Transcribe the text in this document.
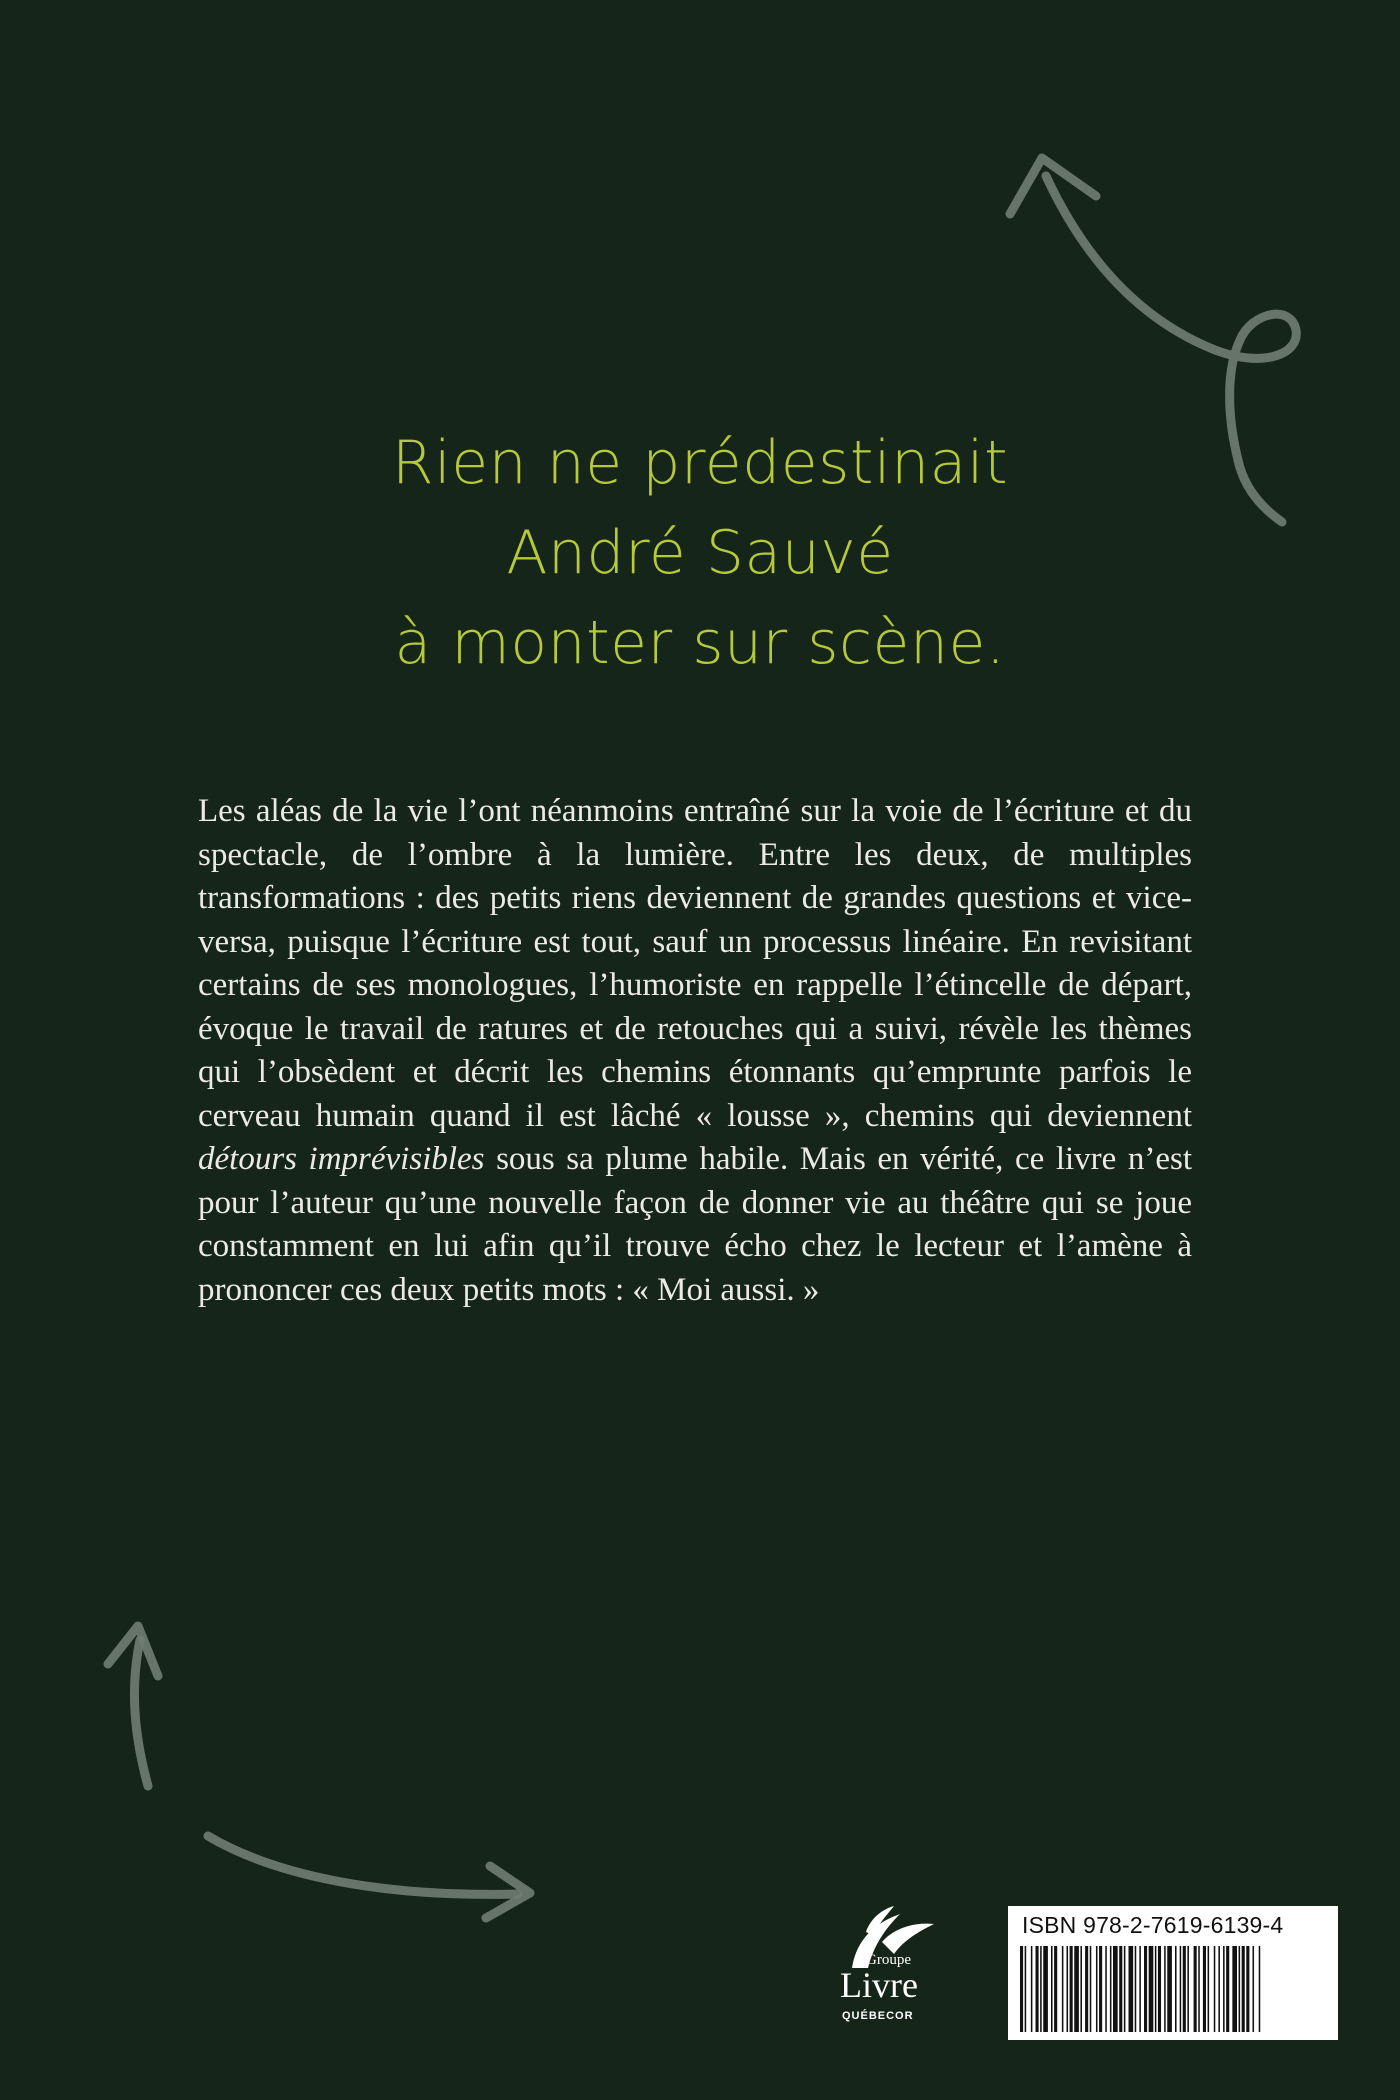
Rien ne prédestinait
André Sauvé
à monter sur scène.

Les aléas de la vie l’ont néanmoins entraîné sur la voie de l’écriture et du spectacle, de l’ombre à la lumière. Entre les deux, de multiples transformations : des petits riens deviennent de grandes questions et vice-versa, puisque l’écriture est tout, sauf un processus linéaire. En revisitant certains de ses monologues, l’humoriste en rappelle l’étincelle de départ, évoque le travail de ratures et de retouches qui a suivi, révèle les thèmes qui l’obsèdent et décrit les chemins étonnants qu’emprunte parfois le cerveau humain quand il est lâché « lousse », chemins qui deviennent détours imprévisibles sous sa plume habile. Mais en vérité, ce livre n’est pour l’auteur qu’une nouvelle façon de donner vie au théâtre qui se joue constamment en lui afin qu’il trouve écho chez le lecteur et l’amène à prononcer ces deux petits mots : « Moi aussi. »

Groupe
Livre
QUÉBECOR
ISBN 978-2-7619-6139-4
